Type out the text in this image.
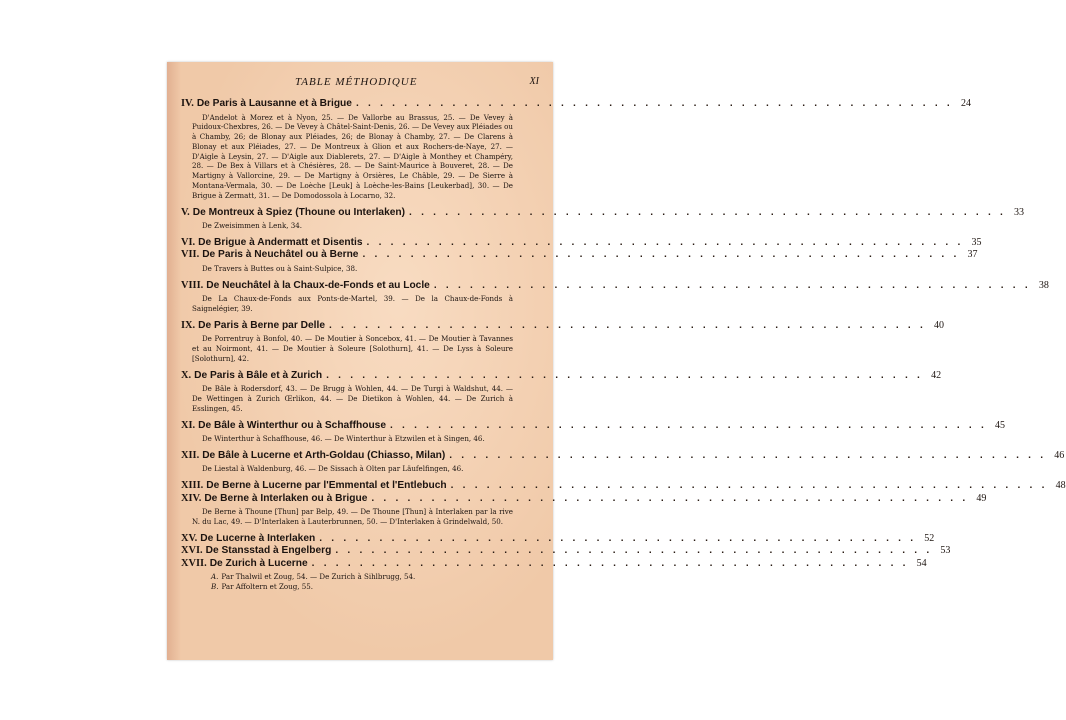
TABLE MÉTHODIQUE	XI
IV. De Paris à Lausanne et à Brigue . . . . . . . . . . . . . . . . . . . . . . . . . . . . . . . . . . . . . . . . . . . . . . . . . . 24
D'Andelot à Morez et à Nyon, 25. — De Vallorbe au Brassus, 25. — De Vevey à Puidoux-Chexbres, 26. — De Vevey à Châtel-Saint-Denis, 26. — De Vevey aux Pléiades ou à Chamby, 26; de Blonay aux Pléiades, 26; de Blonay à Chamby, 27. — De Clarens à Blonay et aux Pléiades, 27. — De Montreux à Glion et aux Rochers-de-Naye, 27. — D'Aigle à Leysin, 27. — D'Aigle aux Diablerets, 27. — D'Aigle à Monthey et Champéry, 28. — De Bex à Villars et à Chésières, 28. — De Saint-Maurice à Bouveret, 28. — De Martigny à Vallorcine, 29. — De Martigny à Orsières, Le Châble, 29. — De Sierre à Montana-Vermala, 30. — De Loèche [Leuk] à Loèche-les-Bains [Leukerbad], 30. — De Brigue à Zermatt, 31. — De Domodossola à Locarno, 32.
V. De Montreux à Spiez (Thoune ou Interlaken) . . . . . . . . . . . . . . . . . . . . . . . . . . . . . . . . . . . . . . . . . . . . . . . . . . 33
De Zweisimmen à Lenk, 34.
VI. De Brigue à Andermatt et Disentis . . . . . . . . . . . . . . . . . . . . . . . . . . . . . . . . . . . . . . . . . . . . . . . . . . 35
VII. De Paris à Neuchâtel ou à Berne . . . . . . . . . . . . . . . . . . . . . . . . . . . . . . . . . . . . . . . . . . . . . . . . . . 37
De Travers à Buttes ou à Saint-Sulpice, 38.
VIII. De Neuchâtel à la Chaux-de-Fonds et au Locle . . . . . . . . . . . . . . . . . . . . . . . . . . . . . . . . . . . . . . . . . . . . . . . . . . 38
De La Chaux-de-Fonds aux Ponts-de-Martel, 39. — De la Chaux-de-Fonds à Saignelégier, 39.
IX. De Paris à Berne par Delle . . . . . . . . . . . . . . . . . . . . . . . . . . . . . . . . . . . . . . . . . . . . . . . . . . 40
De Porrentruy à Bonfol, 40. — De Moutier à Soncebox, 41. — De Moutier à Tavannes et au Noirmont, 41. — De Moutier à Soleure [Solothurn], 41. — De Lyss à Soleure [Solothurn], 42.
X. De Paris à Bâle et à Zurich . . . . . . . . . . . . . . . . . . . . . . . . . . . . . . . . . . . . . . . . . . . . . . . . . . 42
De Bâle à Rodersdorf, 43. — De Brugg à Wohlen, 44. — De Turgi à Waldshut, 44. — De Wettingen à Zurich Œrlikon, 44. — De Dietikon à Wohlen, 44. — De Zurich à Esslingen, 45.
XI. De Bâle à Winterthur ou à Schaffhouse . . . . . . . . . . . . . . . . . . . . . . . . . . . . . . . . . . . . . . . . . . . . . . . . . . 45
De Winterthur à Schaffhouse, 46. — De Winterthur à Etzwilen et à Singen, 46.
XII. De Bâle à Lucerne et Arth-Goldau (Chiasso, Milan) . . . . . . . . . . . . . . . . . . . . . . . . . . . . . . . . . . . . . . . . . . . . . . . . . . 46
De Liestal à Waldenburg, 46. — De Sissach à Olten par Läufelfingen, 46.
XIII. De Berne à Lucerne par l'Emmental et l'Entlebuch . . . . . . . . . . . . . . . . . . . . . . . . . . . . . . . . . . . . . . . . . . . . . . . . . . 48
XIV. De Berne à Interlaken ou à Brigue . . . . . . . . . . . . . . . . . . . . . . . . . . . . . . . . . . . . . . . . . . . . . . . . . . 49
De Berne à Thoune [Thun] par Belp, 49. — De Thoune [Thun] à Interlaken par la rive N. du Lac, 49. — D'Interlaken à Lauterbrunnen, 50. — D'Interlaken à Grindelwald, 50.
XV. De Lucerne à Interlaken . . . . . . . . . . . . . . . . . . . . . . . . . . . . . . . . . . . . . . . . . . . . . . . . . . 52
XVI. De Stansstad à Engelberg . . . . . . . . . . . . . . . . . . . . . . . . . . . . . . . . . . . . . . . . . . . . . . . . . . 53
XVII. De Zurich à Lucerne . . . . . . . . . . . . . . . . . . . . . . . . . . . . . . . . . . . . . . . . . . . . . . . . . . 54
A. Par Thalwil et Zoug, 54. — De Zurich à Sihlbrugg, 54.
B. Par Affoltern et Zoug, 55.
